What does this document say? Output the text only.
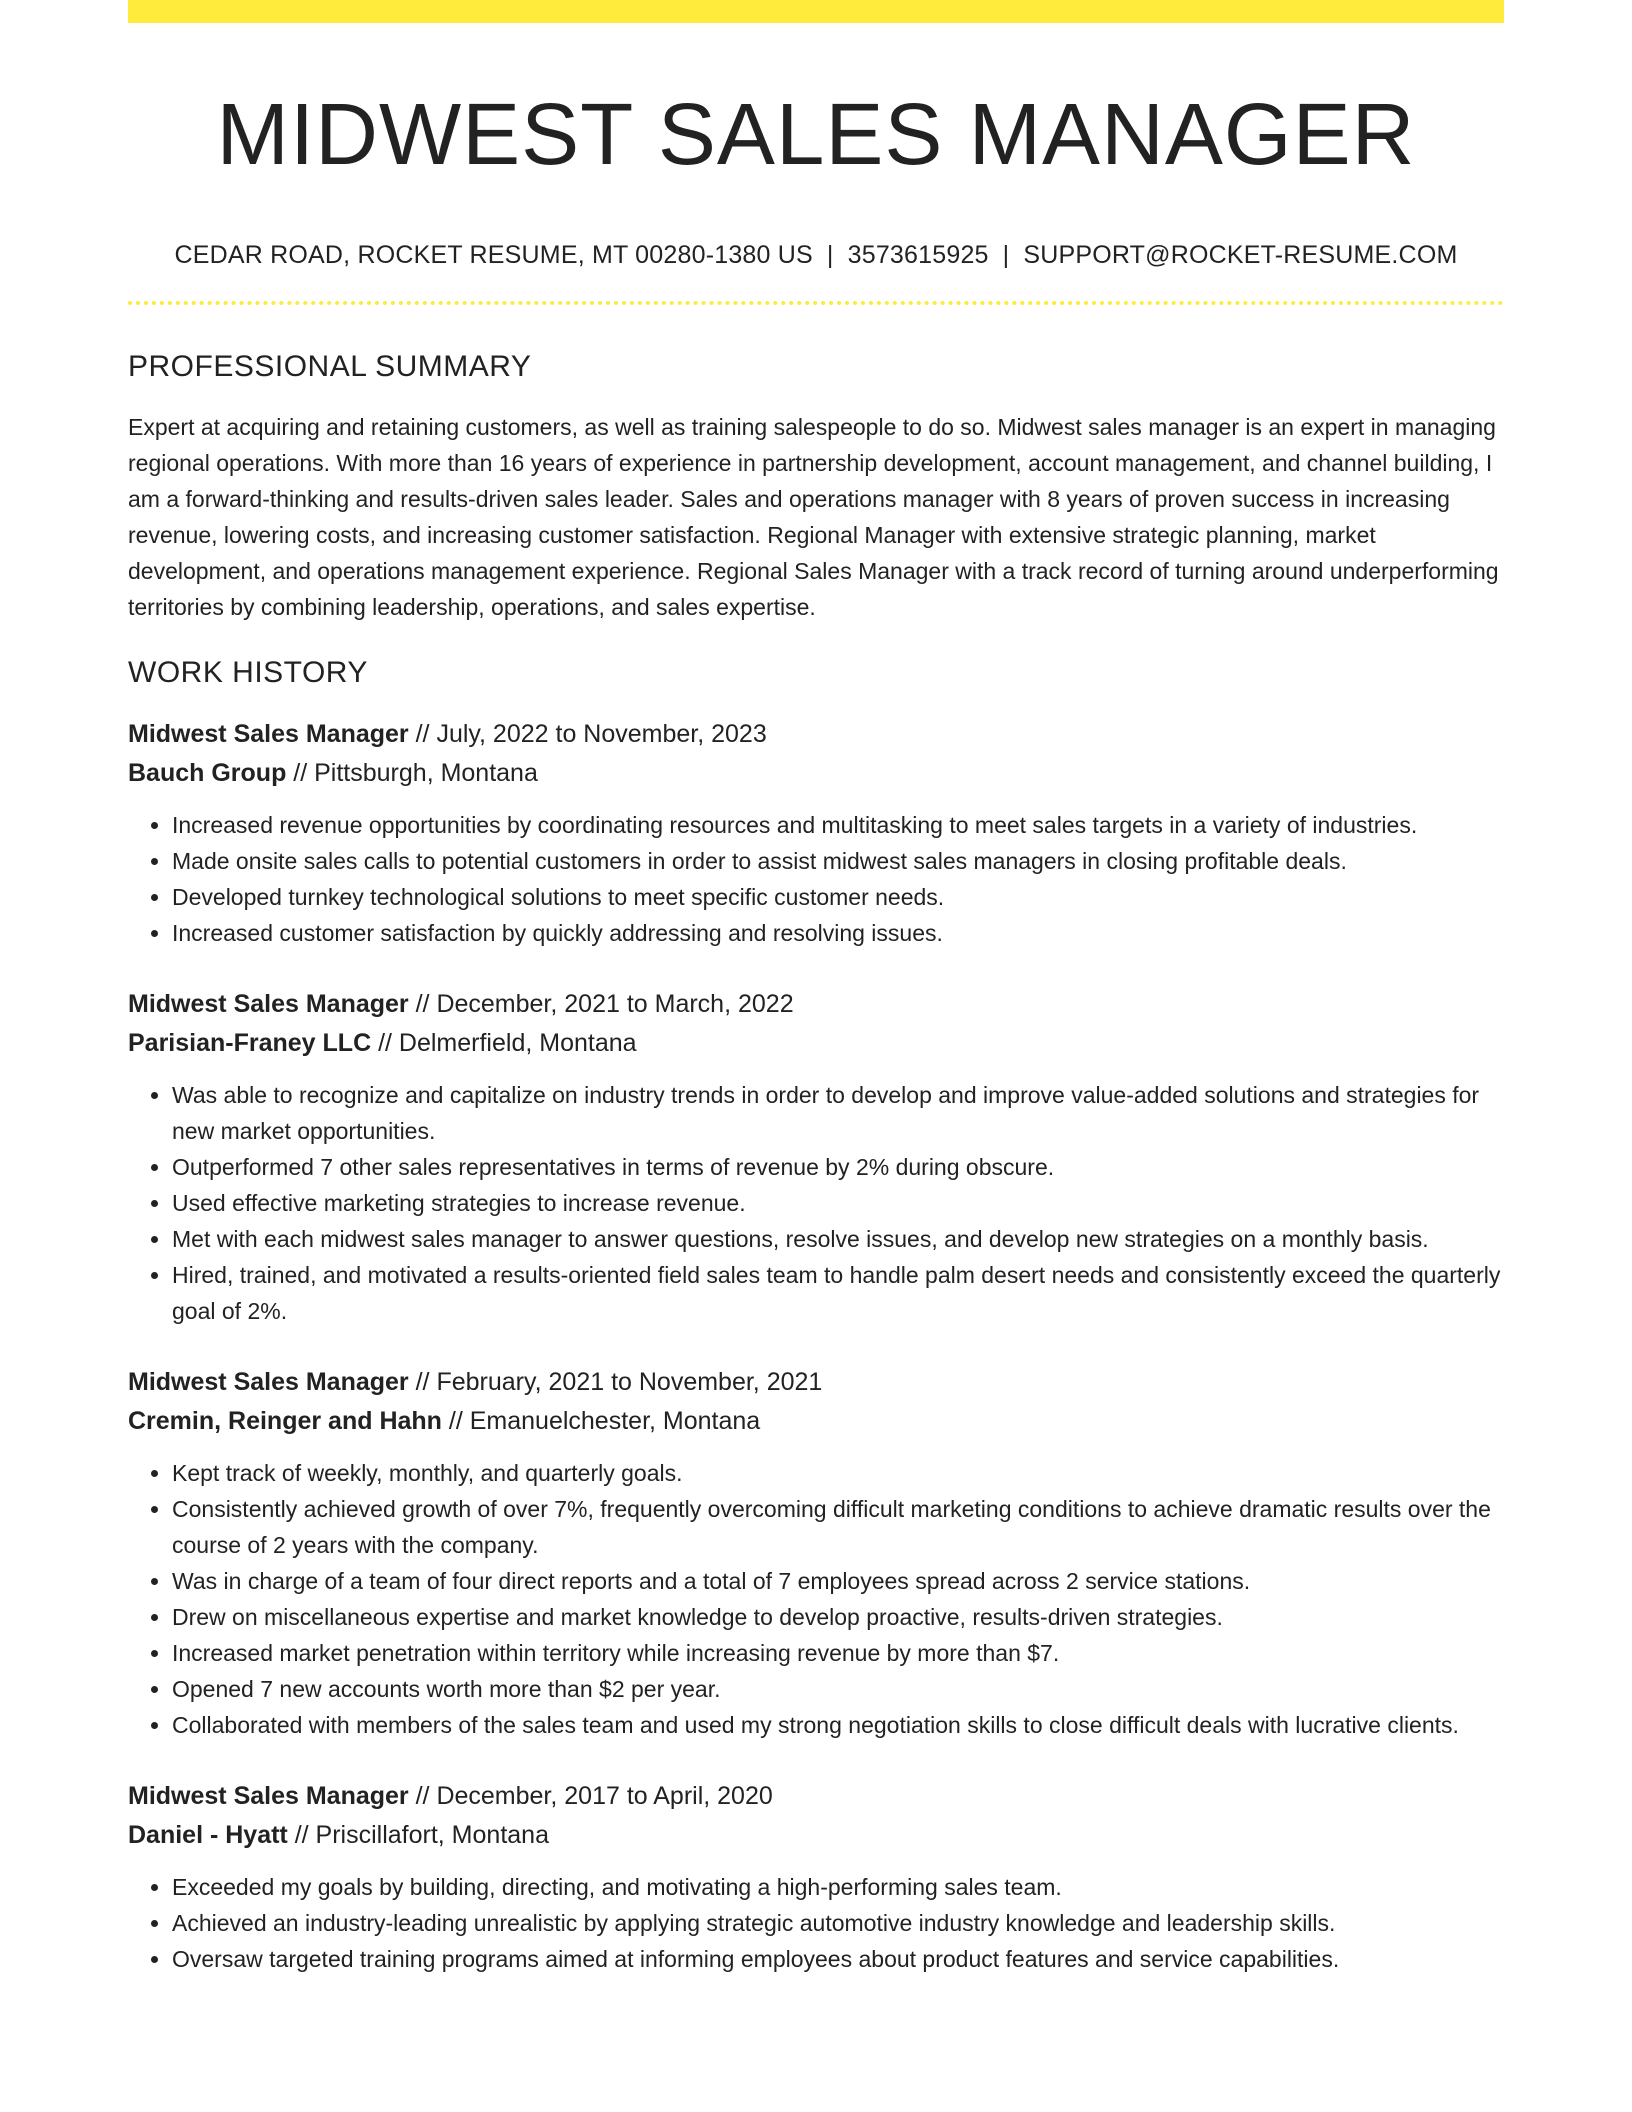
MIDWEST SALES MANAGER
CEDAR ROAD, ROCKET RESUME, MT 00280-1380 US | 3573615925 | SUPPORT@ROCKET-RESUME.COM
PROFESSIONAL SUMMARY
Expert at acquiring and retaining customers, as well as training salespeople to do so. Midwest sales manager is an expert in managing regional operations. With more than 16 years of experience in partnership development, account management, and channel building, I am a forward-thinking and results-driven sales leader. Sales and operations manager with 8 years of proven success in increasing revenue, lowering costs, and increasing customer satisfaction. Regional Manager with extensive strategic planning, market development, and operations management experience. Regional Sales Manager with a track record of turning around underperforming territories by combining leadership, operations, and sales expertise.
WORK HISTORY
Midwest Sales Manager // July, 2022 to November, 2023
Bauch Group // Pittsburgh, Montana
• Increased revenue opportunities by coordinating resources and multitasking to meet sales targets in a variety of industries.
• Made onsite sales calls to potential customers in order to assist midwest sales managers in closing profitable deals.
• Developed turnkey technological solutions to meet specific customer needs.
• Increased customer satisfaction by quickly addressing and resolving issues.
Midwest Sales Manager // December, 2021 to March, 2022
Parisian-Franey LLC // Delmerfield, Montana
• Was able to recognize and capitalize on industry trends in order to develop and improve value-added solutions and strategies for new market opportunities.
• Outperformed 7 other sales representatives in terms of revenue by 2% during obscure.
• Used effective marketing strategies to increase revenue.
• Met with each midwest sales manager to answer questions, resolve issues, and develop new strategies on a monthly basis.
• Hired, trained, and motivated a results-oriented field sales team to handle palm desert needs and consistently exceed the quarterly goal of 2%.
Midwest Sales Manager // February, 2021 to November, 2021
Cremin, Reinger and Hahn // Emanuelchester, Montana
• Kept track of weekly, monthly, and quarterly goals.
• Consistently achieved growth of over 7%, frequently overcoming difficult marketing conditions to achieve dramatic results over the course of 2 years with the company.
• Was in charge of a team of four direct reports and a total of 7 employees spread across 2 service stations.
• Drew on miscellaneous expertise and market knowledge to develop proactive, results-driven strategies.
• Increased market penetration within territory while increasing revenue by more than $7.
• Opened 7 new accounts worth more than $2 per year.
• Collaborated with members of the sales team and used my strong negotiation skills to close difficult deals with lucrative clients.
Midwest Sales Manager // December, 2017 to April, 2020
Daniel - Hyatt // Priscillafort, Montana
• Exceeded my goals by building, directing, and motivating a high-performing sales team.
• Achieved an industry-leading unrealistic by applying strategic automotive industry knowledge and leadership skills.
• Oversaw targeted training programs aimed at informing employees about product features and service capabilities.
